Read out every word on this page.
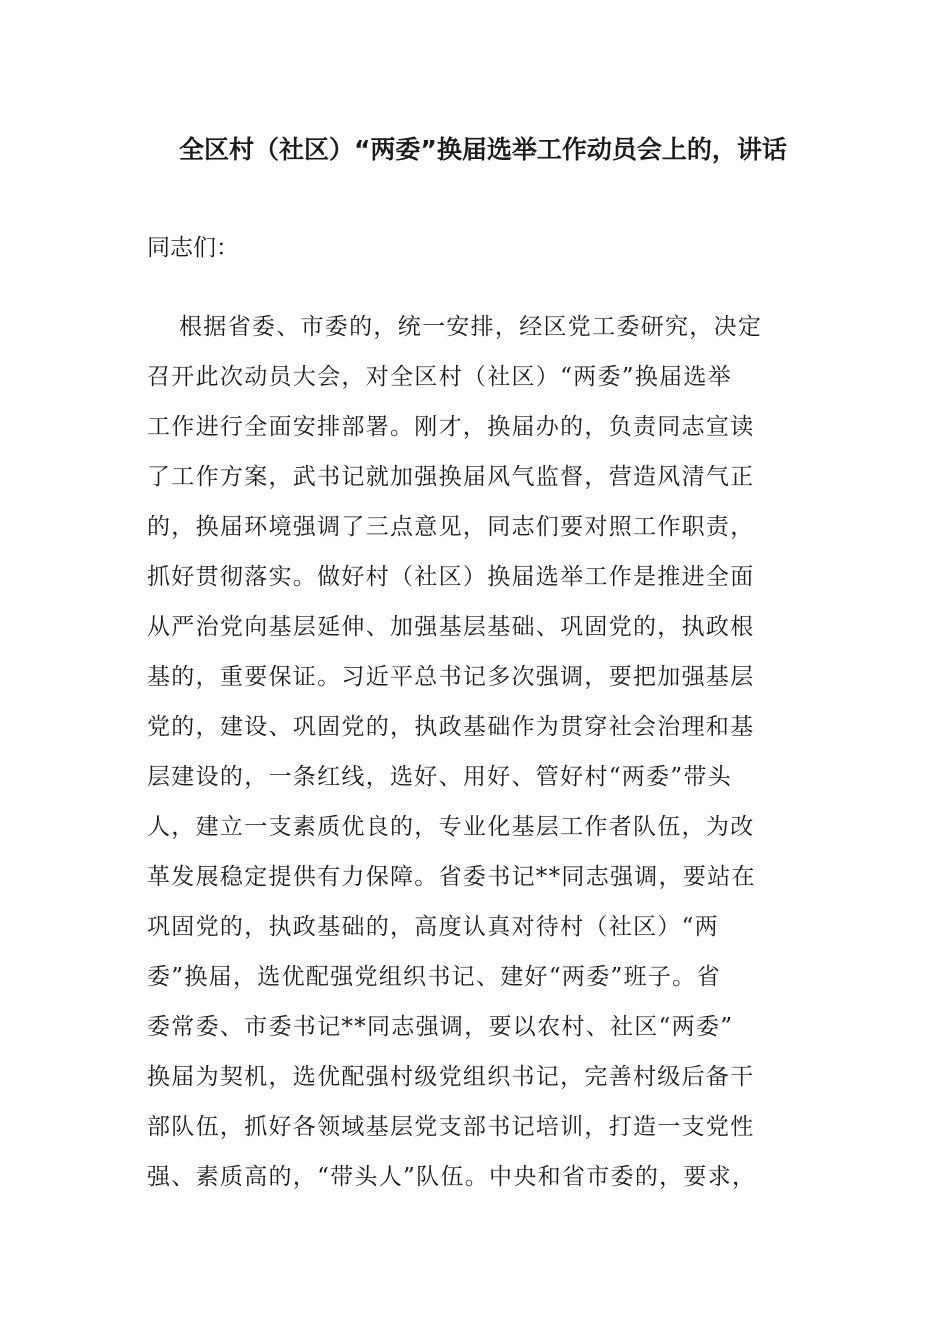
全区村（社区）“两委”换届选举工作动员会上的，讲话

同志们：

根据省委、市委的，统一安排，经区党工委研究，决定
召开此次动员大会，对全区村（社区）“两委”换届选举
工作进行全面安排部署。刚才，换届办的，负责同志宣读
了工作方案，武书记就加强换届风气监督，营造风清气正
的，换届环境强调了三点意见，同志们要对照工作职责，
抓好贯彻落实。做好村（社区）换届选举工作是推进全面
从严治党向基层延伸、加强基层基础、巩固党的，执政根
基的，重要保证。习近平总书记多次强调，要把加强基层
党的，建设、巩固党的，执政基础作为贯穿社会治理和基
层建设的，一条红线，选好、用好、管好村“两委”带头
人，建立一支素质优良的，专业化基层工作者队伍，为改
革发展稳定提供有力保障。省委书记**同志强调，要站在
巩固党的，执政基础的，高度认真对待村（社区）“两
委”换届，选优配强党组织书记、建好“两委”班子。省
委常委、市委书记**同志强调，要以农村、社区“两委”
换届为契机，选优配强村级党组织书记，完善村级后备干
部队伍，抓好各领域基层党支部书记培训，打造一支党性
强、素质高的，“带头人”队伍。中央和省市委的，要求，
